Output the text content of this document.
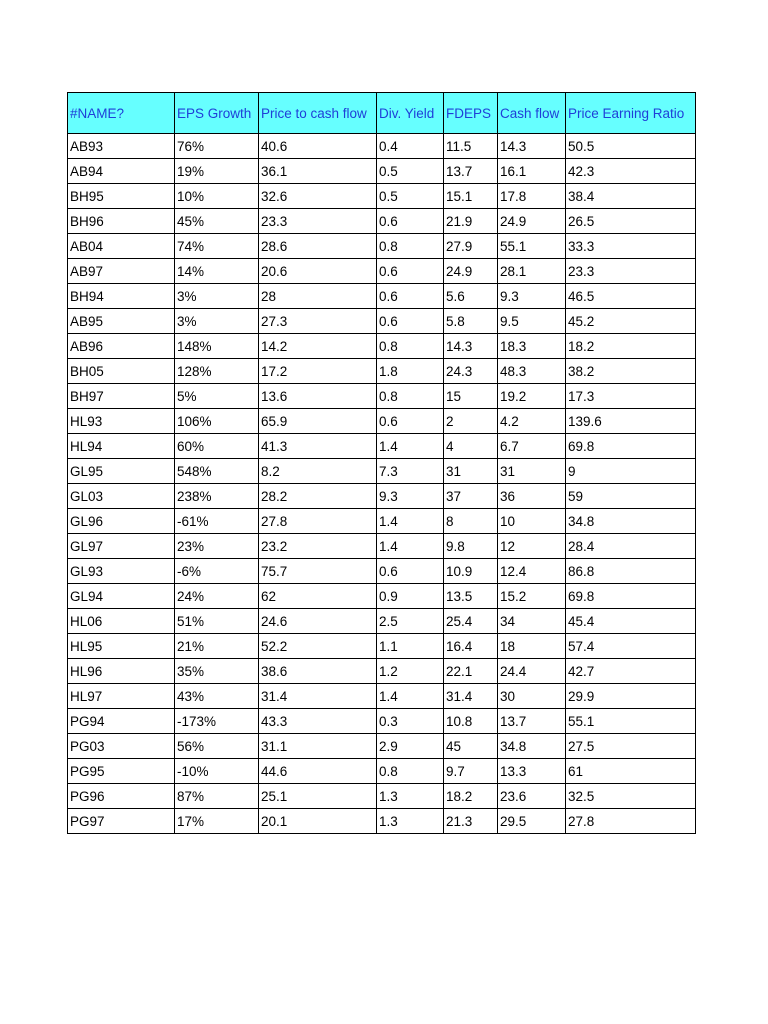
#NAME?	EPS Growth	Price to cash flow	Div. Yield	FDEPS	Cash flow	Price Earning Ratio
AB93	76%	40.6	0.4	11.5	14.3	50.5
AB94	19%	36.1	0.5	13.7	16.1	42.3
BH95	10%	32.6	0.5	15.1	17.8	38.4
BH96	45%	23.3	0.6	21.9	24.9	26.5
AB04	74%	28.6	0.8	27.9	55.1	33.3
AB97	14%	20.6	0.6	24.9	28.1	23.3
BH94	3%	28	0.6	5.6	9.3	46.5
AB95	3%	27.3	0.6	5.8	9.5	45.2
AB96	148%	14.2	0.8	14.3	18.3	18.2
BH05	128%	17.2	1.8	24.3	48.3	38.2
BH97	5%	13.6	0.8	15	19.2	17.3
HL93	106%	65.9	0.6	2	4.2	139.6
HL94	60%	41.3	1.4	4	6.7	69.8
GL95	548%	8.2	7.3	31	31	9
GL03	238%	28.2	9.3	37	36	59
GL96	-61%	27.8	1.4	8	10	34.8
GL97	23%	23.2	1.4	9.8	12	28.4
GL93	-6%	75.7	0.6	10.9	12.4	86.8
GL94	24%	62	0.9	13.5	15.2	69.8
HL06	51%	24.6	2.5	25.4	34	45.4
HL95	21%	52.2	1.1	16.4	18	57.4
HL96	35%	38.6	1.2	22.1	24.4	42.7
HL97	43%	31.4	1.4	31.4	30	29.9
PG94	-173%	43.3	0.3	10.8	13.7	55.1
PG03	56%	31.1	2.9	45	34.8	27.5
PG95	-10%	44.6	0.8	9.7	13.3	61
PG96	87%	25.1	1.3	18.2	23.6	32.5
PG97	17%	20.1	1.3	21.3	29.5	27.8
